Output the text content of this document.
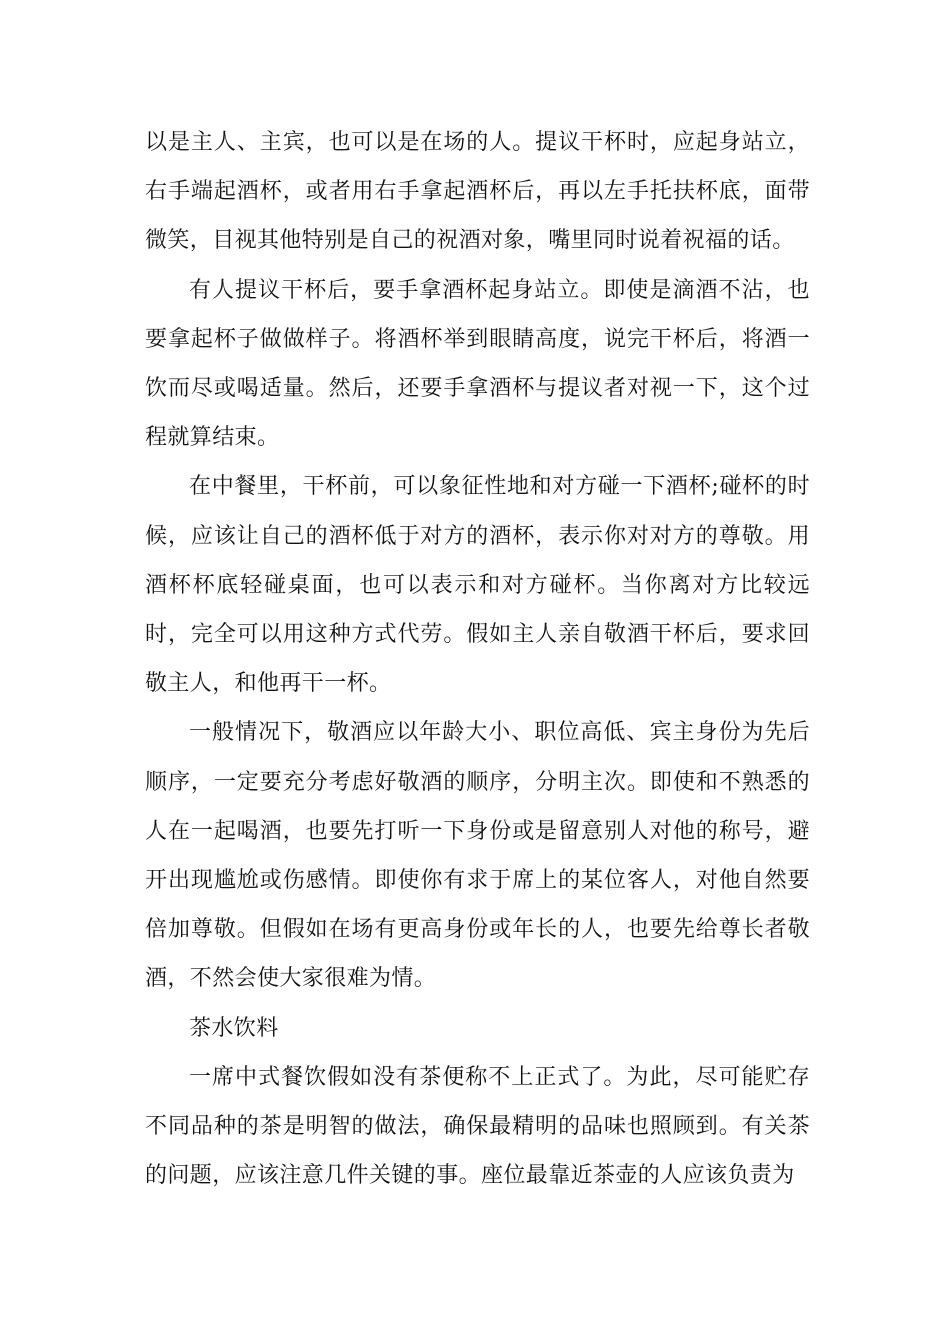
以是主人、主宾，也可以是在场的人。提议干杯时，应起身站立，右手端起酒杯，或者用右手拿起酒杯后，再以左手托扶杯底，面带微笑，目视其他特别是自己的祝酒对象，嘴里同时说着祝福的话。

有人提议干杯后，要手拿酒杯起身站立。即使是滴酒不沾，也要拿起杯子做做样子。将酒杯举到眼睛高度，说完干杯后，将酒一饮而尽或喝适量。然后，还要手拿酒杯与提议者对视一下，这个过程就算结束。

在中餐里，干杯前，可以象征性地和对方碰一下酒杯;碰杯的时候，应该让自己的酒杯低于对方的酒杯，表示你对对方的尊敬。用酒杯杯底轻碰桌面，也可以表示和对方碰杯。当你离对方比较远时，完全可以用这种方式代劳。假如主人亲自敬酒干杯后，要求回敬主人，和他再干一杯。

一般情况下，敬酒应以年龄大小、职位高低、宾主身份为先后顺序，一定要充分考虑好敬酒的顺序，分明主次。即使和不熟悉的人在一起喝酒，也要先打听一下身份或是留意别人对他的称号，避开出现尴尬或伤感情。即使你有求于席上的某位客人，对他自然要倍加尊敬。但假如在场有更高身份或年长的人，也要先给尊长者敬酒，不然会使大家很难为情。

茶水饮料

一席中式餐饮假如没有茶便称不上正式了。为此，尽可能贮存不同品种的茶是明智的做法，确保最精明的品味也照顾到。有关茶的问题，应该注意几件关键的事。座位最靠近茶壶的人应该负责为
